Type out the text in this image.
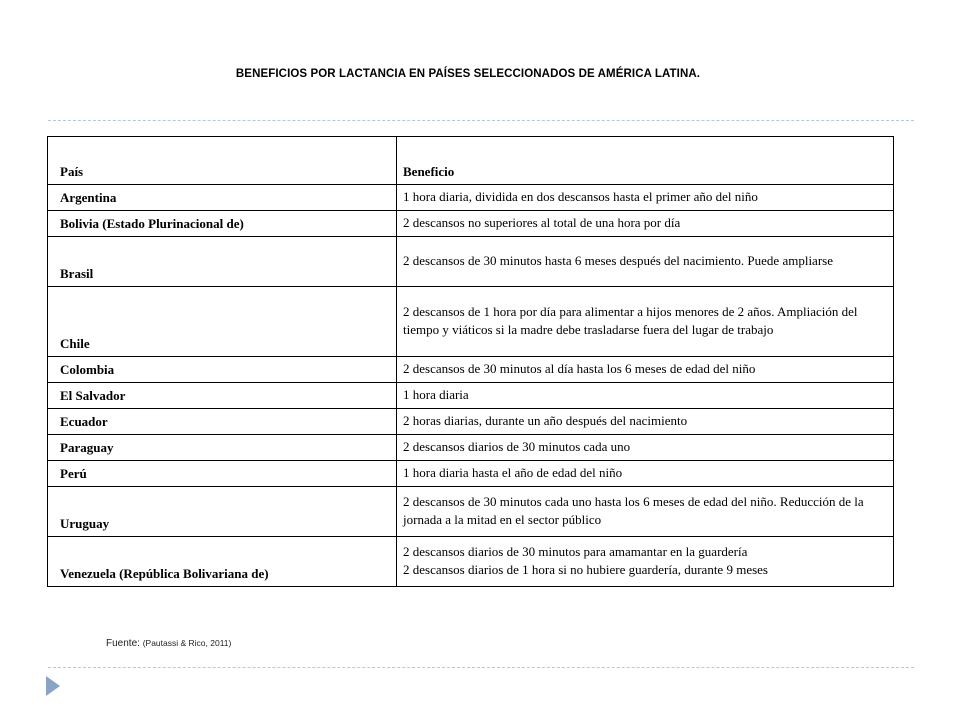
BENEFICIOS POR LACTANCIA EN PAÍSES SELECCIONADOS DE AMÉRICA LATINA.
País	Beneficio
Argentina	1 hora diaria, dividida en dos descansos hasta el primer año del niño

Bolivia (Estado Plurinacional de)	2 descansos no superiores al total de una hora por día

Brasil	2 descansos de 30 minutos hasta 6 meses después del nacimiento. Puede ampliarse

Chile	2 descansos de 1 hora por día para alimentar a hijos menores de 2 años. Ampliación del tiempo y viáticos si la madre debe trasladarse fuera del lugar de trabajo

Colombia	2 descansos de 30 minutos al día hasta los 6 meses de edad del niño

El Salvador	1 hora diaria

Ecuador	2 horas diarias, durante un año después del nacimiento

Paraguay	2 descansos diarios de 30 minutos cada uno

Perú	1 hora diaria hasta el año de edad del niño

Uruguay	2 descansos de 30 minutos cada uno hasta los 6 meses de edad del niño. Reducción de la jornada a la mitad en el sector público

Venezuela (República Bolivariana de)	2 descansos diarios de 30 minutos para amamantar en la guardería
2 descansos diarios de 1 hora si no hubiere guardería, durante 9 meses
Fuente: (Pautassi & Rico, 2011)
